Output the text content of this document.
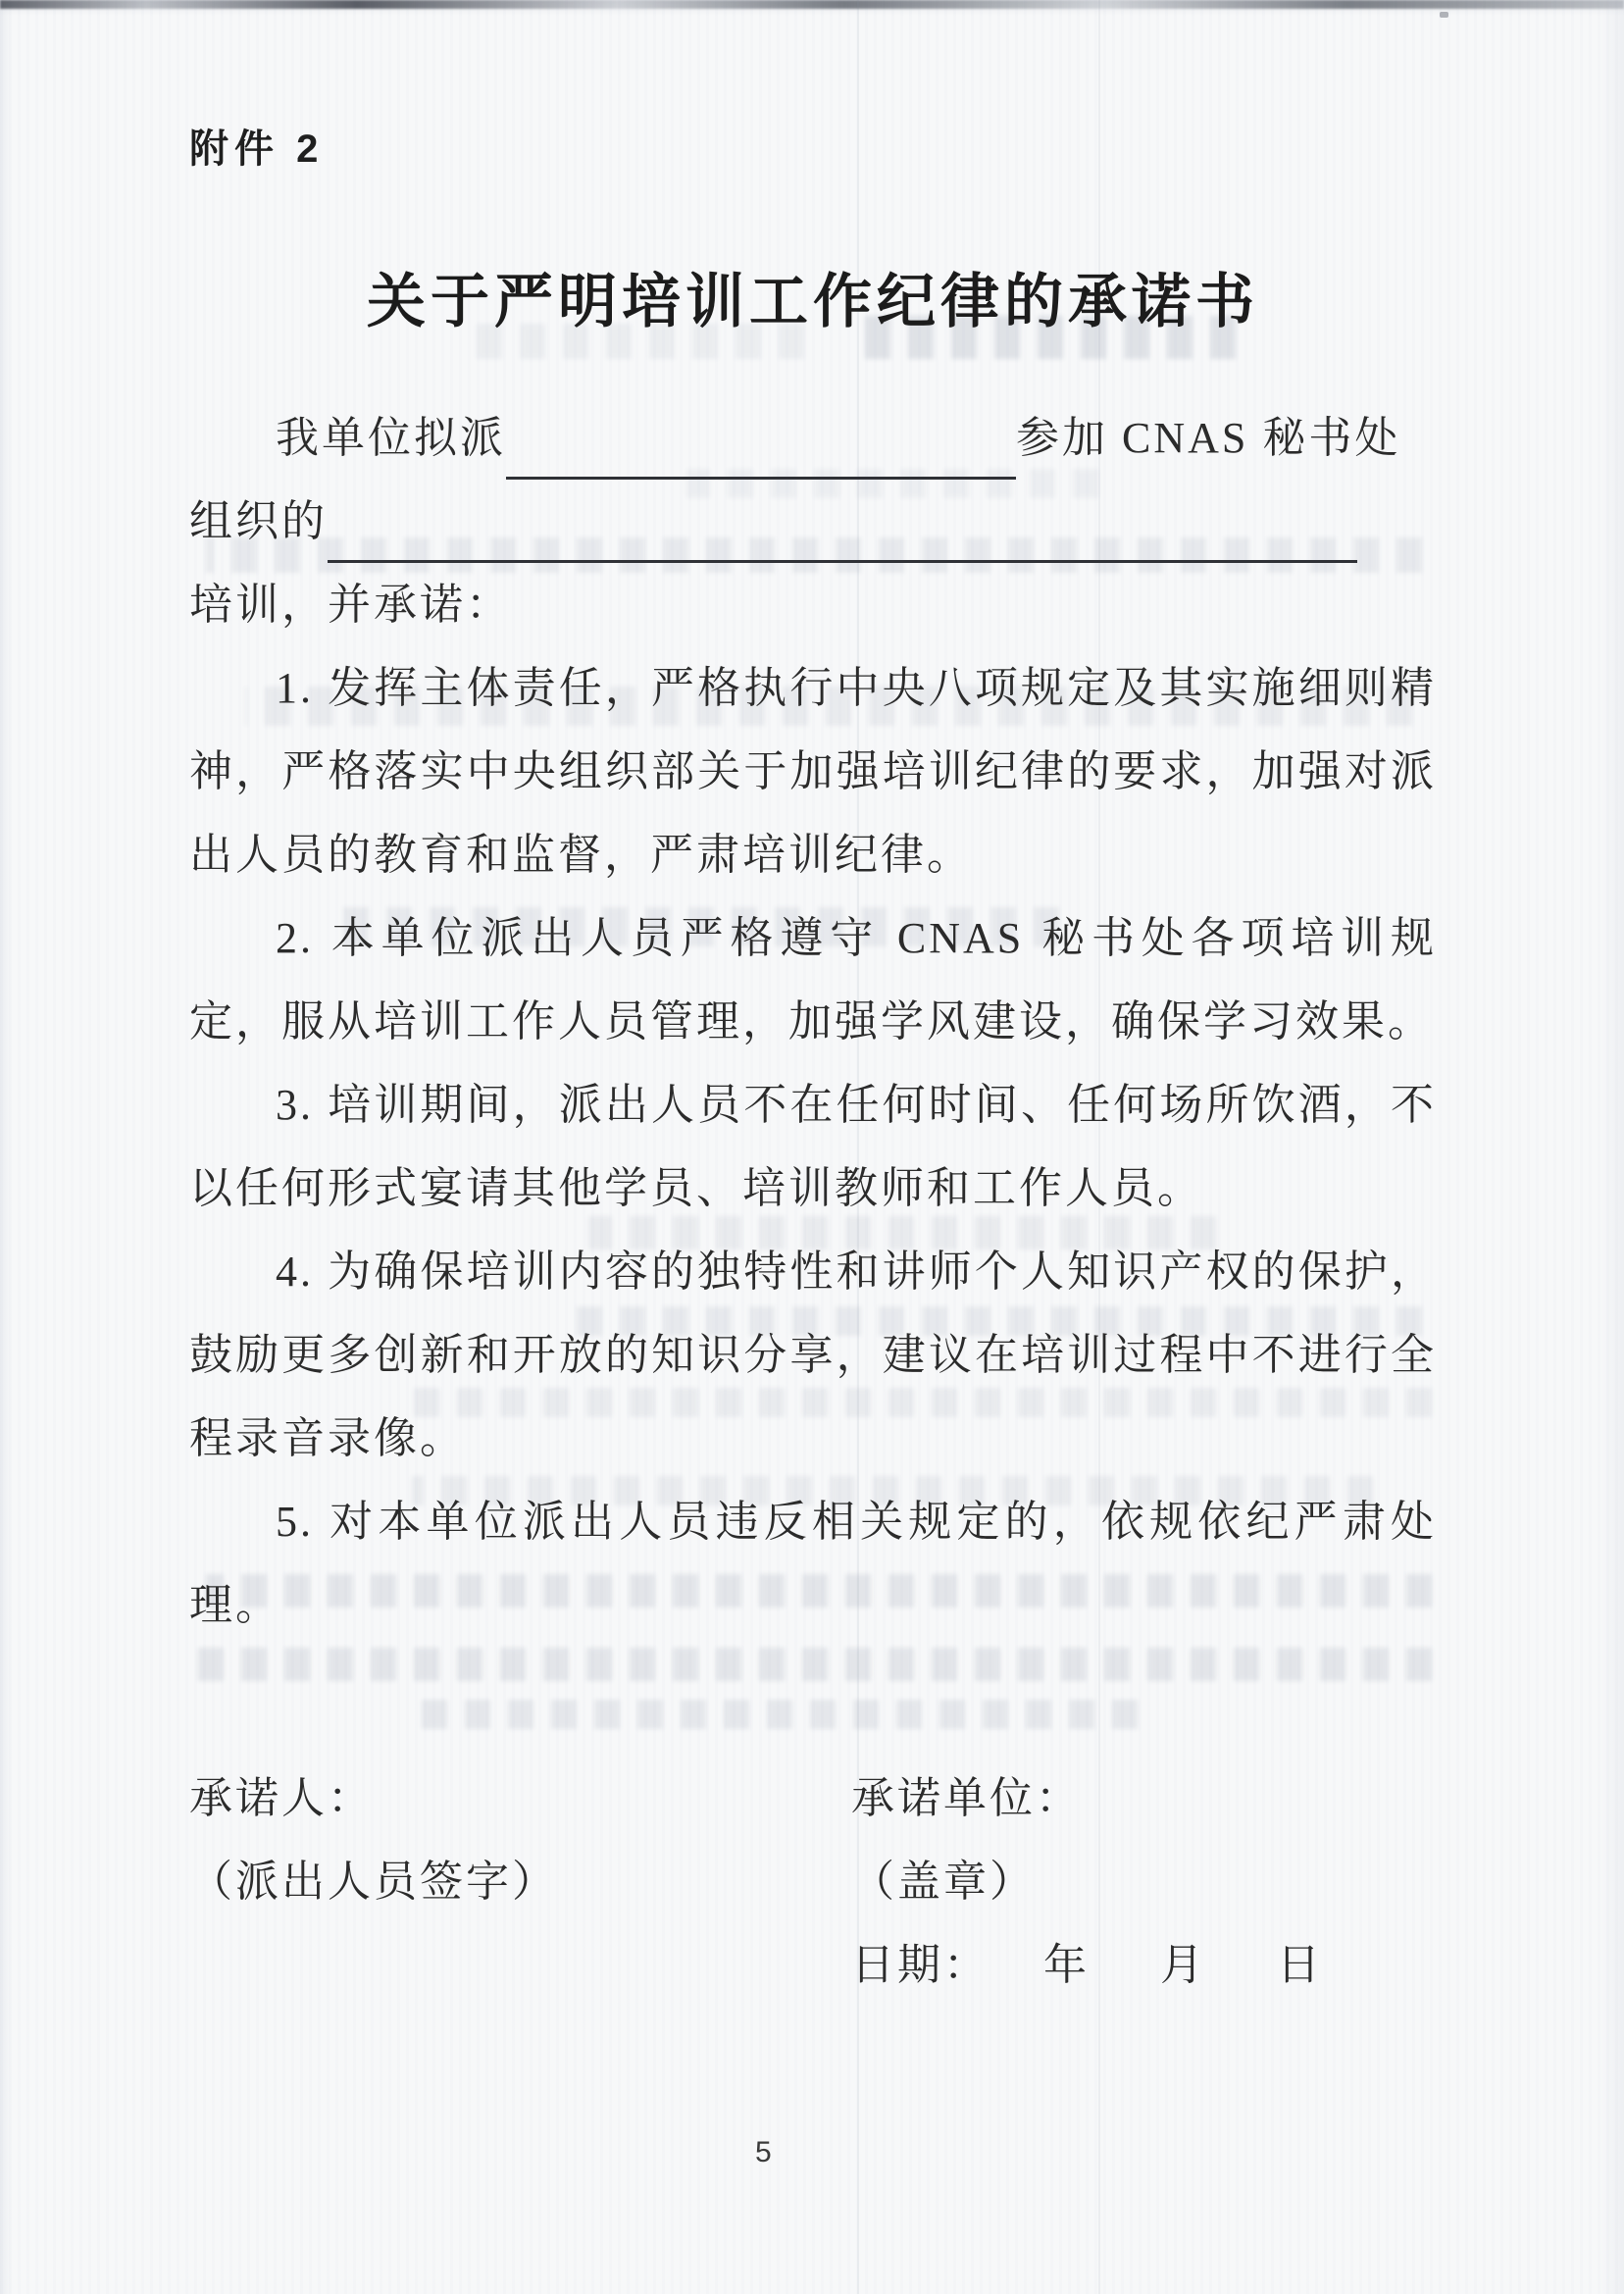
附件 2
关于严明培训工作纪律的承诺书
我单位拟派	参加 CNAS 秘书处
组织的
培训，并承诺：

1. 发挥主体责任，严格执行中央八项规定及其实施细则精神，严格落实中央组织部关于加强培训纪律的要求，加强对派出人员的教育和监督，严肃培训纪律。

2. 本单位派出人员严格遵守 CNAS 秘书处各项培训规定，服从培训工作人员管理，加强学风建设，确保学习效果。

3. 培训期间，派出人员不在任何时间、任何场所饮酒，不以任何形式宴请其他学员、培训教师和工作人员。

4. 为确保培训内容的独特性和讲师个人知识产权的保护，鼓励更多创新和开放的知识分享，建议在培训过程中不进行全程录音录像。

5. 对本单位派出人员违反相关规定的，依规依纪严肃处理。

承诺人：	承诺单位：
（派出人员签字）	（盖章）
日期： 年 月 日
5
